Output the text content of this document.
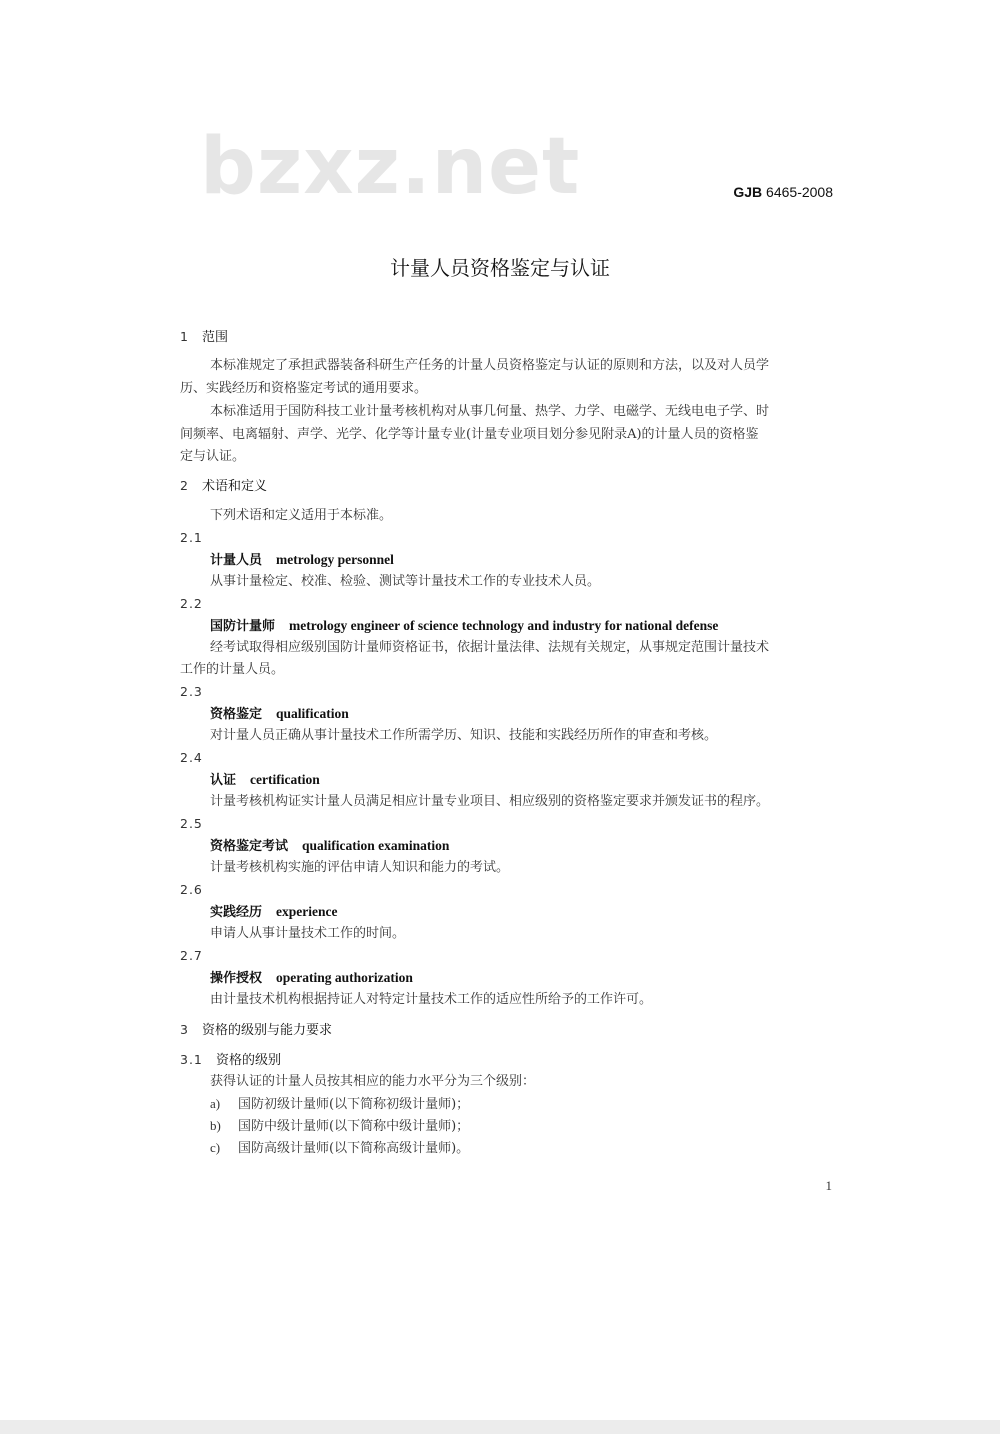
bzxz.net	GJB 6465-2008
计量人员资格鉴定与认证
1 范围
本标准规定了承担武器装备科研生产任务的计量人员资格鉴定与认证的原则和方法，以及对人员学
历、实践经历和资格鉴定考试的通用要求。
本标准适用于国防科技工业计量考核机构对从事几何量、热学、力学、电磁学、无线电电子学、时
间频率、电离辐射、声学、光学、化学等计量专业(计量专业项目划分参见附录A)的计量人员的资格鉴
定与认证。
2 术语和定义
下列术语和定义适用于本标准。
2.1
计量人员 metrology personnel
从事计量检定、校准、检验、测试等计量技术工作的专业技术人员。
2.2
国防计量师 metrology engineer of science technology and industry for national defense
经考试取得相应级别国防计量师资格证书，依据计量法律、法规有关规定，从事规定范围计量技术
工作的计量人员。
2.3
资格鉴定 qualification
对计量人员正确从事计量技术工作所需学历、知识、技能和实践经历所作的审查和考核。
2.4
认证 certification
计量考核机构证实计量人员满足相应计量专业项目、相应级别的资格鉴定要求并颁发证书的程序。
2.5
资格鉴定考试 qualification examination
计量考核机构实施的评估申请人知识和能力的考试。
2.6
实践经历 experience
申请人从事计量技术工作的时间。
2.7
操作授权 operating authorization
由计量技术机构根据持证人对特定计量技术工作的适应性所给予的工作许可。
3 资格的级别与能力要求
3.1 资格的级别
获得认证的计量人员按其相应的能力水平分为三个级别：
a) 国防初级计量师(以下简称初级计量师)；
b) 国防中级计量师(以下简称中级计量师)；
c) 国防高级计量师(以下简称高级计量师)。
1
